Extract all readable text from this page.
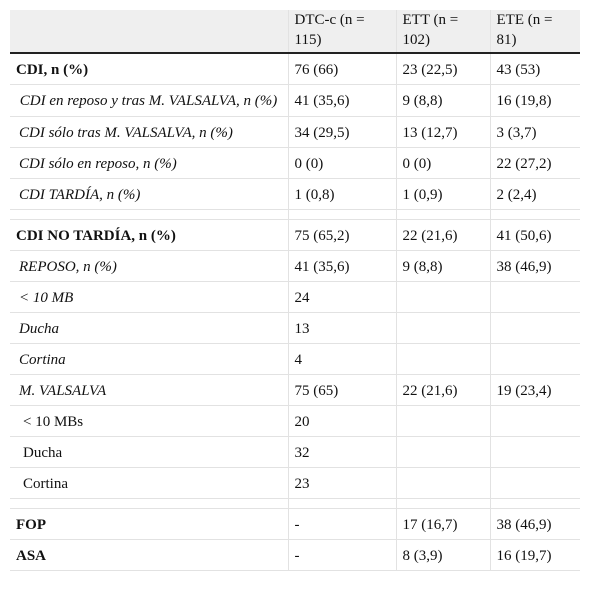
	DTC-c (n = 115)	ETT (n = 102)	ETE (n = 81)
CDI, n (%)	76 (66)	23 (22,5)	43 (53)
CDI en reposo y tras M. VALSALVA, n (%)	41 (35,6)	9 (8,8)	16 (19,8)
CDI sólo tras M. VALSALVA, n (%)	34 (29,5)	13 (12,7)	3 (3,7)
CDI sólo en reposo, n (%)	0 (0)	0 (0)	22 (27,2)
CDI TARDÍA, n (%)	1 (0,8)	1 (0,9)	2 (2,4)

CDI NO TARDÍA, n (%)	75 (65,2)	22 (21,6)	41 (50,6)
REPOSO, n (%)	41 (35,6)	9 (8,8)	38 (46,9)
< 10 MB	24		
Ducha	13		
Cortina	4		
M. VALSALVA	75 (65)	22 (21,6)	19 (23,4)
< 10 MBs	20		
Ducha	32		
Cortina	23		

FOP	-	17 (16,7)	38 (46,9)
ASA	-	8 (3,9)	16 (19,7)
